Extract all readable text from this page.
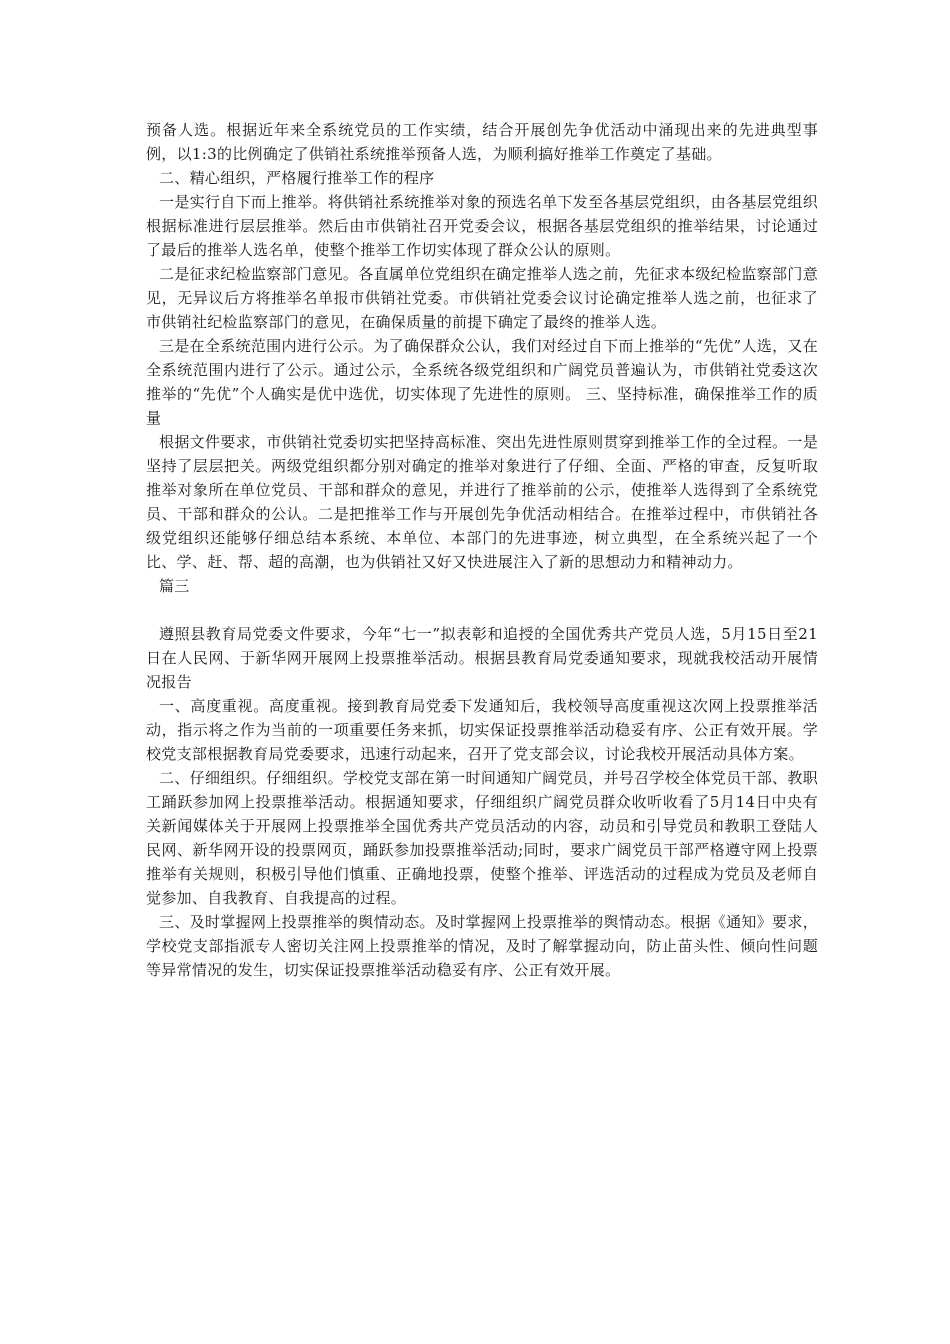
预备人选。根据近年来全系统党员的工作实绩，结合开展创先争优活动中涌现出来的先进典型事例，以1:3的比例确定了供销社系统推举预备人选，为顺利搞好推举工作奠定了基础。

二、精心组织，严格履行推举工作的程序

一是实行自下而上推举。将供销社系统推举对象的预选名单下发至各基层党组织，由各基层党组织根据标准进行层层推举。然后由市供销社召开党委会议，根据各基层党组织的推举结果，讨论通过了最后的推举人选名单，使整个推举工作切实体现了群众公认的原则。

二是征求纪检监察部门意见。各直属单位党组织在确定推举人选之前，先征求本级纪检监察部门意见，无异议后方将推举名单报市供销社党委。市供销社党委会议讨论确定推举人选之前，也征求了市供销社纪检监察部门的意见，在确保质量的前提下确定了最终的推举人选。

三是在全系统范围内进行公示。为了确保群众公认，我们对经过自下而上推举的“先优”人选，又在全系统范围内进行了公示。通过公示，全系统各级党组织和广阔党员普遍认为，市供销社党委这次推举的“先优”个人确实是优中选优，切实体现了先进性的原则。 三、坚持标准，确保推举工作的质量

根据文件要求，市供销社党委切实把坚持高标准、突出先进性原则贯穿到推举工作的全过程。一是坚持了层层把关。两级党组织都分别对确定的推举对象进行了仔细、全面、严格的审查，反复听取推举对象所在单位党员、干部和群众的意见，并进行了推举前的公示，使推举人选得到了全系统党员、干部和群众的公认。二是把推举工作与开展创先争优活动相结合。在推举过程中，市供销社各级党组织还能够仔细总结本系统、本单位、本部门的先进事迹，树立典型，在全系统兴起了一个比、学、赶、帮、超的高潮，也为供销社又好又快进展注入了新的思想动力和精神动力。

篇三

遵照县教育局党委文件要求，今年“七一”拟表彰和追授的全国优秀共产党员人选，5月15日至21日在人民网、于新华网开展网上投票推举活动。根据县教育局党委通知要求，现就我校活动开展情况报告

一、高度重视。高度重视。接到教育局党委下发通知后，我校领导高度重视这次网上投票推举活动，指示将之作为当前的一项重要任务来抓，切实保证投票推举活动稳妥有序、公正有效开展。学校党支部根据教育局党委要求，迅速行动起来，召开了党支部会议，讨论我校开展活动具体方案。

二、仔细组织。仔细组织。学校党支部在第一时间通知广阔党员，并号召学校全体党员干部、教职工踊跃参加网上投票推举活动。根据通知要求，仔细组织广阔党员群众收听收看了5月14日中央有关新闻媒体关于开展网上投票推举全国优秀共产党员活动的内容，动员和引导党员和教职工登陆人民网、新华网开设的投票网页，踊跃参加投票推举活动;同时，要求广阔党员干部严格遵守网上投票推举有关规则，积极引导他们慎重、正确地投票，使整个推举、评选活动的过程成为党员及老师自觉参加、自我教育、自我提高的过程。

三、及时掌握网上投票推举的舆情动态。及时掌握网上投票推举的舆情动态。根据《通知》要求，学校党支部指派专人密切关注网上投票推举的情况，及时了解掌握动向，防止苗头性、倾向性问题等异常情况的发生，切实保证投票推举活动稳妥有序、公正有效开展。
